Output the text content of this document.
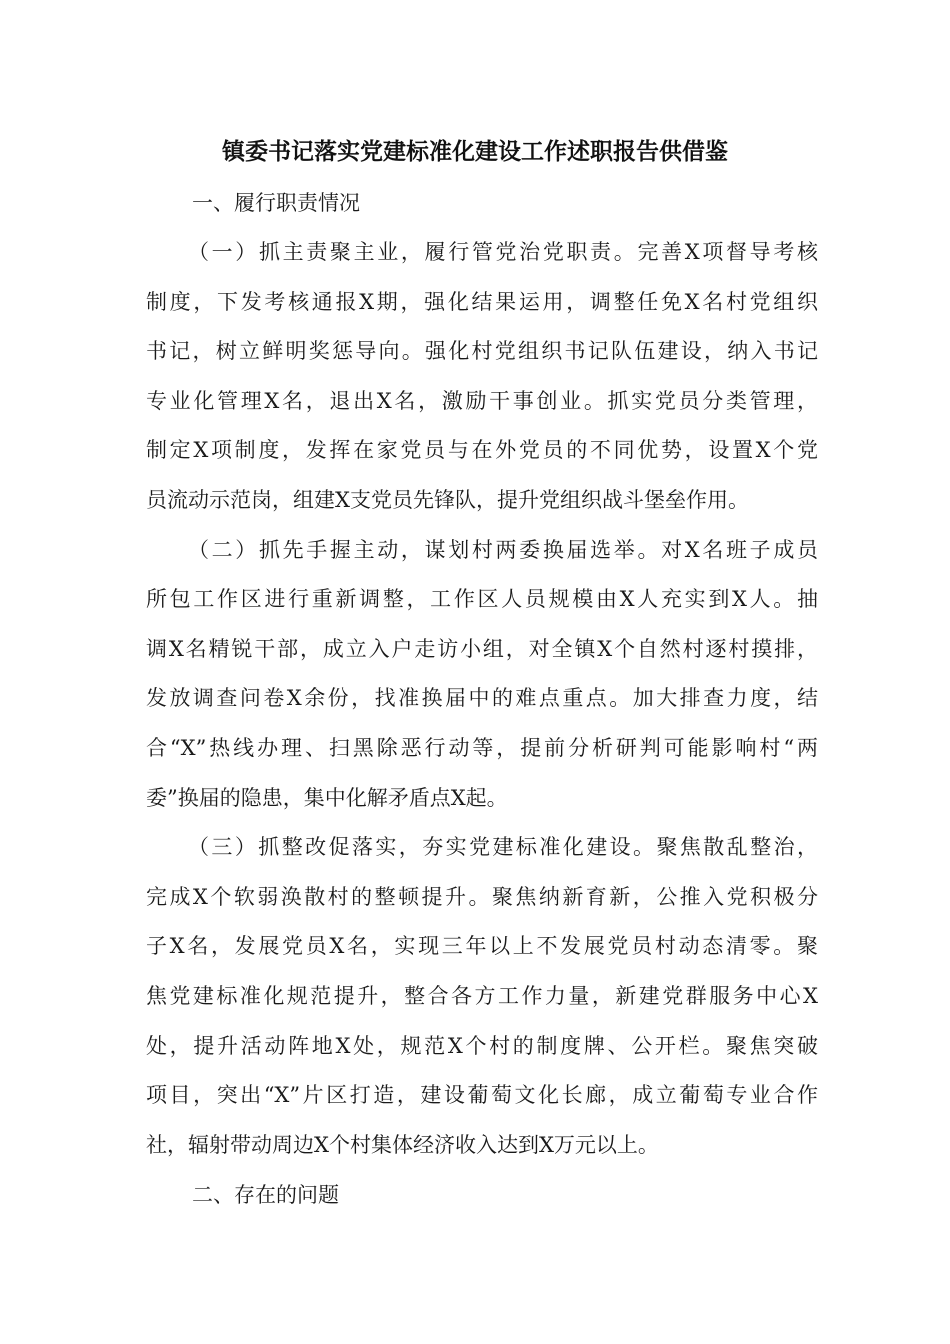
镇委书记落实党建标准化建设工作述职报告供借鉴

一、履行职责情况

（一）抓主责聚主业，履行管党治党职责。完善X项督导考核
制度，下发考核通报X期，强化结果运用，调整任免X名村党组织
书记，树立鲜明奖惩导向。强化村党组织书记队伍建设，纳入书记
专业化管理X名，退出X名，激励干事创业。抓实党员分类管理，
制定X项制度，发挥在家党员与在外党员的不同优势，设置X个党
员流动示范岗，组建X支党员先锋队，提升党组织战斗堡垒作用。

（二）抓先手握主动，谋划村两委换届选举。对X名班子成员
所包工作区进行重新调整，工作区人员规模由X人充实到X人。抽
调X名精锐干部，成立入户走访小组，对全镇X个自然村逐村摸排，
发放调查问卷X余份，找准换届中的难点重点。加大排查力度，结
合“X”热线办理、扫黑除恶行动等，提前分析研判可能影响村“两
委”换届的隐患，集中化解矛盾点X起。

（三）抓整改促落实，夯实党建标准化建设。聚焦散乱整治，
完成X个软弱涣散村的整顿提升。聚焦纳新育新，公推入党积极分
子X名，发展党员X名，实现三年以上不发展党员村动态清零。聚
焦党建标准化规范提升，整合各方工作力量，新建党群服务中心X
处，提升活动阵地X处，规范X个村的制度牌、公开栏。聚焦突破
项目，突出“X”片区打造，建设葡萄文化长廊，成立葡萄专业合作
社，辐射带动周边X个村集体经济收入达到X万元以上。

二、存在的问题
